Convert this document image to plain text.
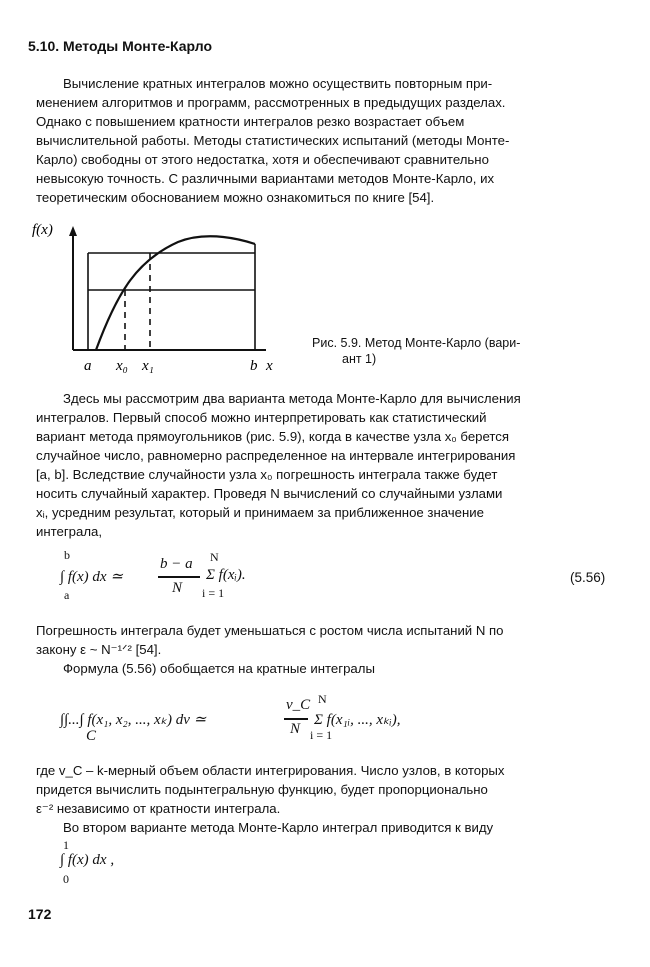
5.10. Методы Монте-Карло
Вычисление кратных интегралов можно осуществить повторным при-
менением алгоритмов и программ, рассмотренных в предыдущих разделах.
Однако с повышением кратности интегралов резко возрастает объем
вычислительной работы. Методы статистических испытаний (методы Монте-
Карло) свободны от этого недостатка, хотя и обеспечивают сравнительно
невысокую точность. С различными вариантами методов Монте-Карло, их
теоретическим обоснованием можно ознакомиться по книге [54].
f(x)
a x₀ x₁	b x
Рис. 5.9. Метод Монте-Карло (вари-
ант 1)
Здесь мы рассмотрим два варианта метода Монте-Карло для вычисления
интегралов. Первый способ можно интерпретировать как статистический
вариант метода прямоугольников (рис. 5.9), когда в качестве узла x₀ берется
случайное число, равномерно распределенное на интервале интегрирования
[a, b]. Вследствие случайности узла x₀ погрешность интеграла также будет
носить случайный характер. Проведя N вычислений со случайными узлами
xᵢ, усредним результат, который и принимаем за приближенное значение
интеграла,
b
∫ f(x) dx ≃
a
b − a
N
N
Σ f(xᵢ).
i = 1
(5.56)
Погрешность интеграла будет уменьшаться с ростом числа испытаний N по
закону ε ~ N⁻¹ᐟ² [54].
Формула (5.56) обобщается на кратные интегралы
∫∫...∫ f(x₁, x₂, ..., xₖ) dv ≃
C
v_C
N
N
Σ f(x₁ᵢ, ..., xₖᵢ),
i = 1
где v_C – k-мерный объем области интегрирования. Число узлов, в которых
придется вычислить подынтегральную функцию, будет пропорционально
ε⁻² независимо от кратности интеграла.
Во втором варианте метода Монте-Карло интеграл приводится к виду
1
∫ f(x) dx ,
0
172
